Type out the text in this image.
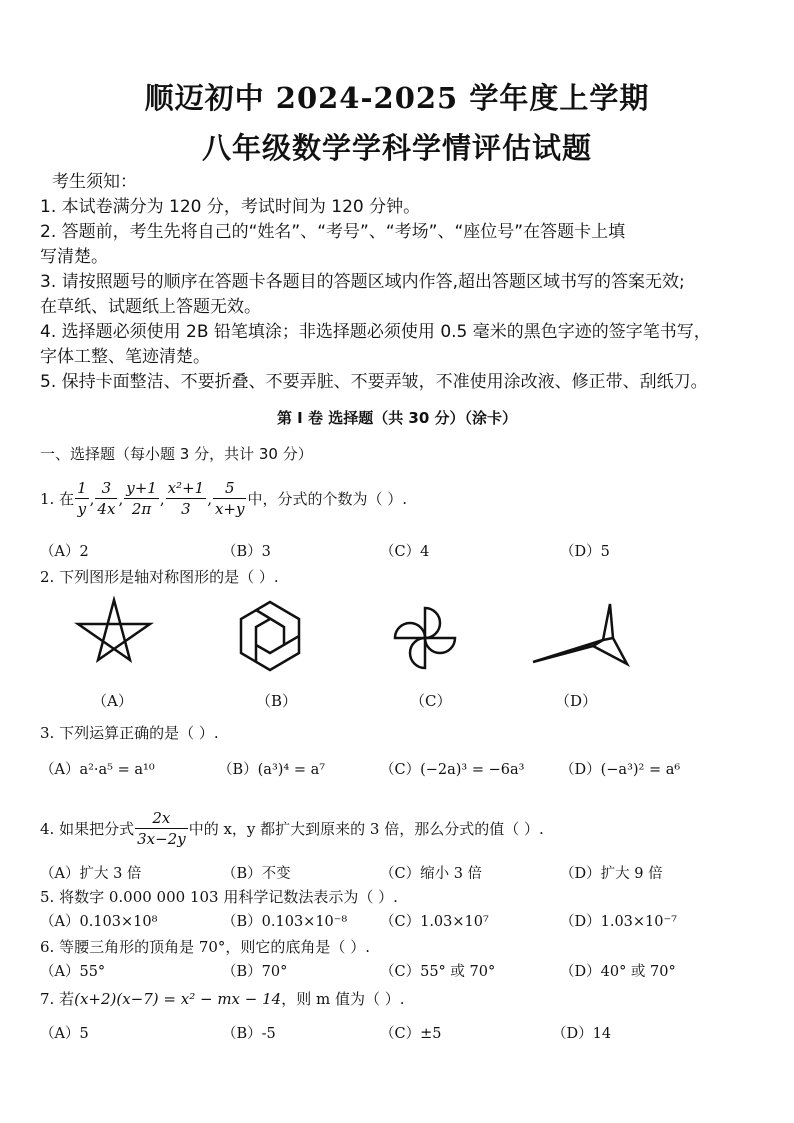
顺迈初中 2024-2025 学年度上学期
八年级数学学科学情评估试题
考生须知：
1. 本试卷满分为 120 分，考试时间为 120 分钟。
2. 答题前，考生先将自己的“姓名”、“考号”、“考场”、“座位号”在答题卡上填
写清楚。
3. 请按照题号的顺序在答题卡各题目的答题区域内作答,超出答题区域书写的答案无效;
在草纸、试题纸上答题无效。
4. 选择题必须使用 2B 铅笔填涂；非选择题必须使用 0.5 毫米的黑色字迹的签字笔书写，
字体工整、笔迹清楚。
5. 保持卡面整洁、不要折叠、不要弄脏、不要弄皱，不准使用涂改液、修正带、刮纸刀。
第 I 卷 选择题（共 30 分）（涂卡）
一、选择题（每小题 3 分，共计 30 分）
1. 在 $\frac{1}{y}$ , $\frac{3}{4x}$ , $\frac{y+1}{2\pi}$ , $\frac{\text{x²+1}}{3}$ , $\frac{5}{x+y}$ 中，分式的个数为（ ）.
（A）2	（B）3	（C）4	（D）5
2. 下列图形是轴对称图形的是（ ）.
（A）	（B）	（C）	（D）
3. 下列运算正确的是（ ）.
（A）a²·a⁵ = a¹⁰	（B）(a³)⁴ = a⁷	（C）(−2a)³ = −6a³ （D）(−a³)² = a⁶
4. 如果把分式 $\frac{2x}{3x-2y}$ 中的 x，y 都扩大到原来的 3 倍，那么分式的值（ ）.
（A）扩大 3 倍	（B）不变	（C）缩小 3 倍	（D）扩大 9 倍
5. 将数字 0.000 000 103 用科学记数法表示为（ ）.
（A）0.103×10⁸	（B）0.103×10⁻⁸ （C）1.03×10⁷	（D）1.03×10⁻⁷
6. 等腰三角形的顶角是 70°，则它的底角是（ ）.
（A）55°	（B）70°	（C）55° 或 70°	（D）40° 或 70°
7. 若(x+2)(x−7) = x² − mx − 14，则 m 值为（ ）.
（A）5	（B）-5	（C）±5	（D）14
